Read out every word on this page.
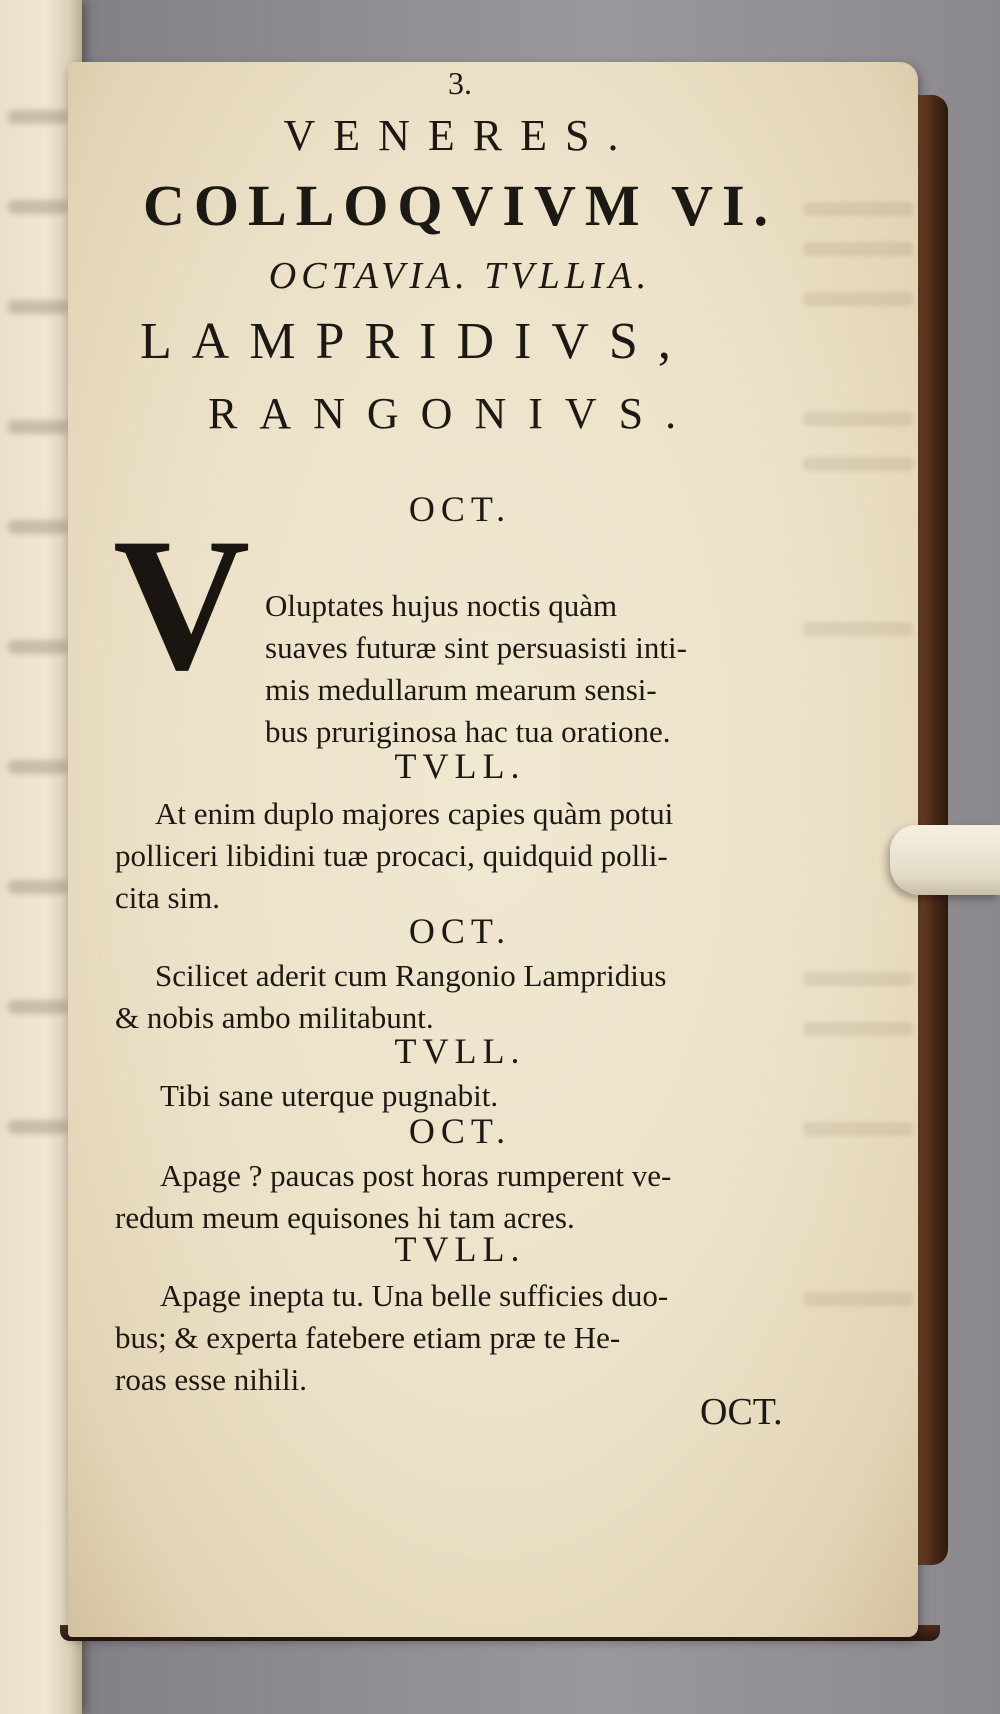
3.
VENERES.
COLLOQVIVM VI.
OCTAVIA. TVLLIA.
LAMPRIDIVS,
RANGONIVS.
OCT.
V Oluptates hujus noctis quàm
suaves futuræ sint persuasisti inti-
mis medullarum mearum sensi-
bus pruriginosa hac tua oratione.
TVLL.
At enim duplo majores capies quàm potui
polliceri libidini tuæ procaci, quidquid polli-
cita sim.
OCT.
Scilicet aderit cum Rangonio Lampridius
& nobis ambo militabunt.
TVLL.
Tibi sane uterque pugnabit.
OCT.
Apage ? paucas post horas rumperent ve-
redum meum equisones hi tam acres.
TVLL.
Apage inepta tu. Una belle sufficies duo-
bus; & experta fatebere etiam præ te He-
roas esse nihili.
OCT.
